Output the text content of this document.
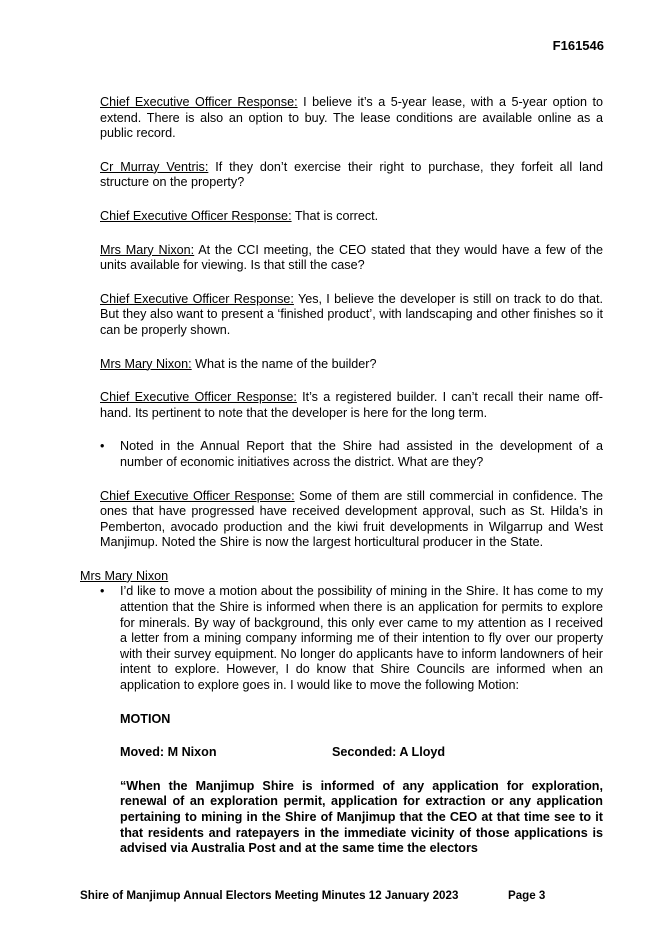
F161546

Chief Executive Officer Response: I believe it’s a 5-year lease, with a 5-year option to extend. There is also an option to buy. The lease conditions are available online as a public record.

Cr Murray Ventris: If they don’t exercise their right to purchase, they forfeit all land structure on the property?

Chief Executive Officer Response: That is correct.

Mrs Mary Nixon: At the CCI meeting, the CEO stated that they would have a few of the units available for viewing. Is that still the case?

Chief Executive Officer Response: Yes, I believe the developer is still on track to do that. But they also want to present a ‘finished product’, with landscaping and other finishes so it can be properly shown.

Mrs Mary Nixon: What is the name of the builder?

Chief Executive Officer Response: It’s a registered builder. I can’t recall their name off-hand. Its pertinent to note that the developer is here for the long term.

• Noted in the Annual Report that the Shire had assisted in the development of a number of economic initiatives across the district. What are they?

Chief Executive Officer Response: Some of them are still commercial in confidence. The ones that have progressed have received development approval, such as St. Hilda’s in Pemberton, avocado production and the kiwi fruit developments in Wilgarrup and West Manjimup. Noted the Shire is now the largest horticultural producer in the State.

Mrs Mary Nixon

• I’d like to move a motion about the possibility of mining in the Shire. It has come to my attention that the Shire is informed when there is an application for permits to explore for minerals. By way of background, this only ever came to my attention as I received a letter from a mining company informing me of their intention to fly over our property with their survey equipment. No longer do applicants have to inform landowners of heir intent to explore. However, I do know that Shire Councils are informed when an application to explore goes in. I would like to move the following Motion:

MOTION

Moved: M Nixon	Seconded: A Lloyd

“When the Manjimup Shire is informed of any application for exploration, renewal of an exploration permit, application for extraction or any application pertaining to mining in the Shire of Manjimup that the CEO at that time see to it that residents and ratepayers in the immediate vicinity of those applications is advised via Australia Post and at the same time the electors

Shire of Manjimup Annual Electors Meeting Minutes 12 January 2023	Page 3
